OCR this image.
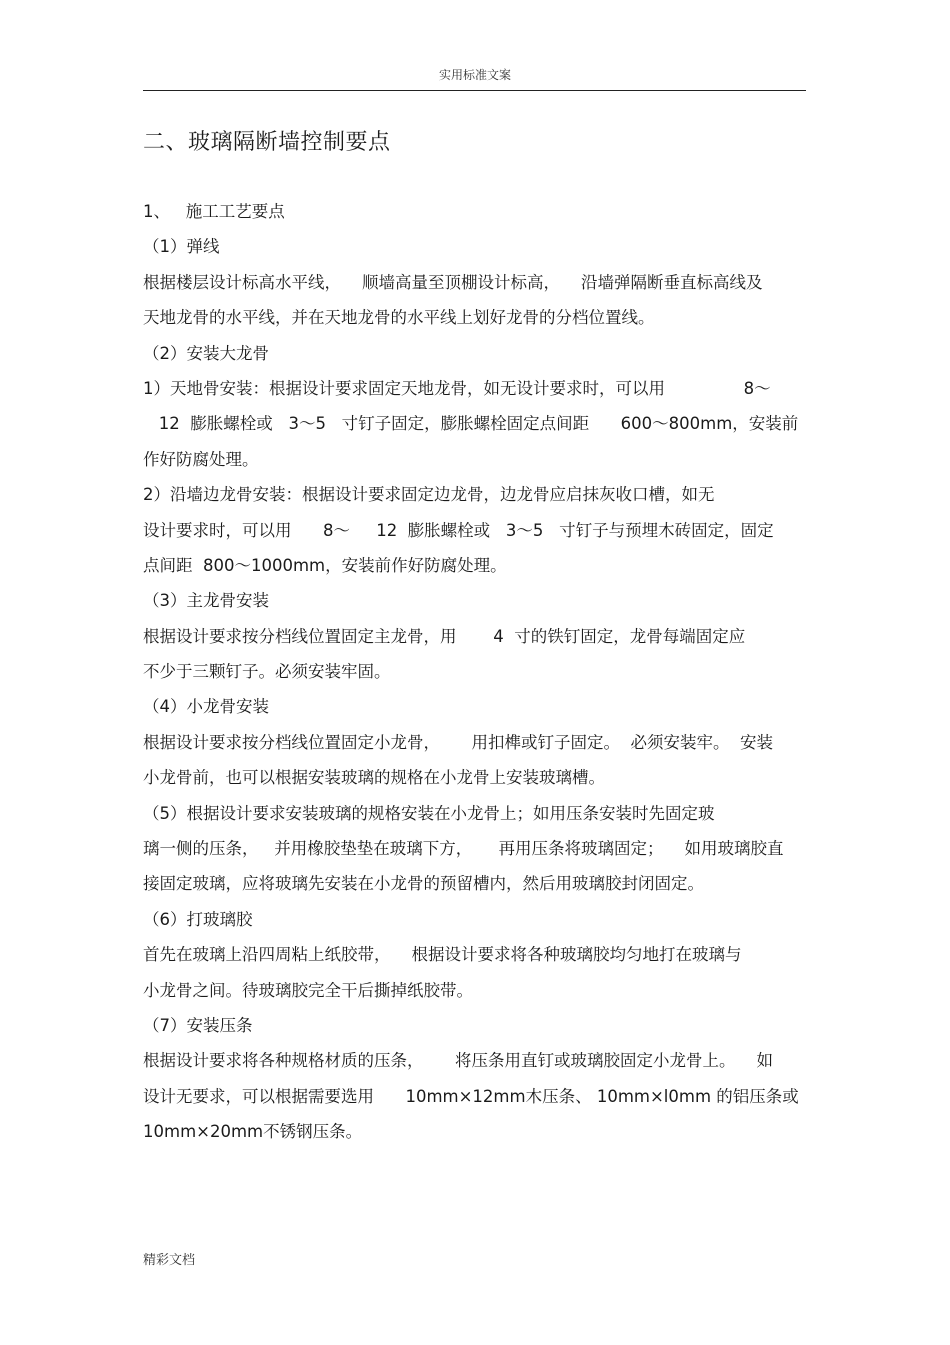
实用标准文案
二、玻璃隔断墙控制要点
1、   施工工艺要点
（1）弹线
根据楼层设计标高水平线，    顺墙高量至顶棚设计标高，    沿墙弹隔断垂直标高线及
天地龙骨的水平线，并在天地龙骨的水平线上划好龙骨的分档位置线。
（2）安装大龙骨
1）天地骨安装：根据设计要求固定天地龙骨，如无设计要求时，可以用               8～
12  膨胀螺栓或   3～5   寸钉子固定，膨胀螺栓固定点间距      600～800mm，安装前
作好防腐处理。
2）沿墙边龙骨安装：根据设计要求固定边龙骨，边龙骨应启抹灰收口槽，如无
设计要求时，可以用      8～     12  膨胀螺栓或   3～5   寸钉子与预埋木砖固定，固定
点间距  800～1000mm，安装前作好防腐处理。
（3）主龙骨安装
根据设计要求按分档线位置固定主龙骨，用       4  寸的铁钉固定，龙骨每端固定应
不少于三颗钉子。必须安装牢固。
（4）小龙骨安装
根据设计要求按分档线位置固定小龙骨，      用扣榫或钉子固定。  必须安装牢。  安装
小龙骨前，也可以根据安装玻璃的规格在小龙骨上安装玻璃槽。
（5）根据设计要求安装玻璃的规格安装在小龙骨上；如用压条安装时先固定玻
璃一侧的压条，   并用橡胶垫垫在玻璃下方，     再用压条将玻璃固定；    如用玻璃胶直
接固定玻璃，应将玻璃先安装在小龙骨的预留槽内，然后用玻璃胶封闭固定。
（6）打玻璃胶
首先在玻璃上沿四周粘上纸胶带，    根据设计要求将各种玻璃胶均匀地打在玻璃与
小龙骨之间。待玻璃胶完全干后撕掉纸胶带。
（7）安装压条
根据设计要求将各种规格材质的压条，      将压条用直钉或玻璃胶固定小龙骨上。    如
设计无要求，可以根据需要选用      10mm×12mm木压条、 10mm×l0mm 的铝压条或
10mm×20mm不锈钢压条。
精彩文档
